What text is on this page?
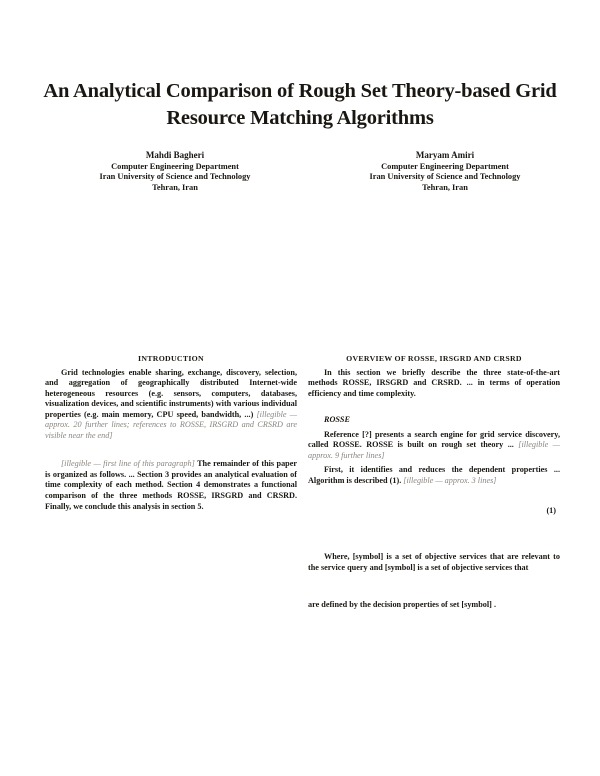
An Analytical Comparison of Rough Set Theory-based Grid Resource Matching Algorithms
Mahdi Bagheri
Computer Engineering Department
Iran University of Science and Technology
Tehran, Iran
Maryam Amiri
Computer Engineering Department
Iran University of Science and Technology
Tehran, Iran
INTRODUCTION

Grid technologies enable sharing, exchange, discovery, selection, and aggregation of geographically distributed Internet-wide heterogeneous resources (e.g. sensors, computers, databases, visualization devices, and scientific instruments) with various individual properties (e.g. main memory, CPU speed, bandwidth, ...) [illegible — approx. 20 further lines; references to ROSSE, IRSGRD and CRSRD are visible near the end]

[illegible — first line of this paragraph] The remainder of this paper is organized as follows. ... Section 3 provides an analytical evaluation of time complexity of each method. Section 4 demonstrates a functional comparison of the three methods ROSSE, IRSGRD and CRSRD. Finally, we conclude this analysis in section 5.

OVERVIEW OF ROSSE, IRSGRD AND CRSRD

In this section we briefly describe the three state-of-the-art methods ROSSE, IRSGRD and CRSRD. ... in terms of operation efficiency and time complexity.

ROSSE

Reference [?] presents a search engine for grid service discovery, called ROSSE. ROSSE is built on rough set theory ... [illegible — approx. 9 further lines]

First, it identifies and reduces the dependent properties ... Algorithm is described (1). [illegible — approx. 3 lines]

(1)

Where, [symbol] is a set of objective services that are relevant to the service query and [symbol] is a set of objective services that

are defined by the decision properties of set [symbol] .
